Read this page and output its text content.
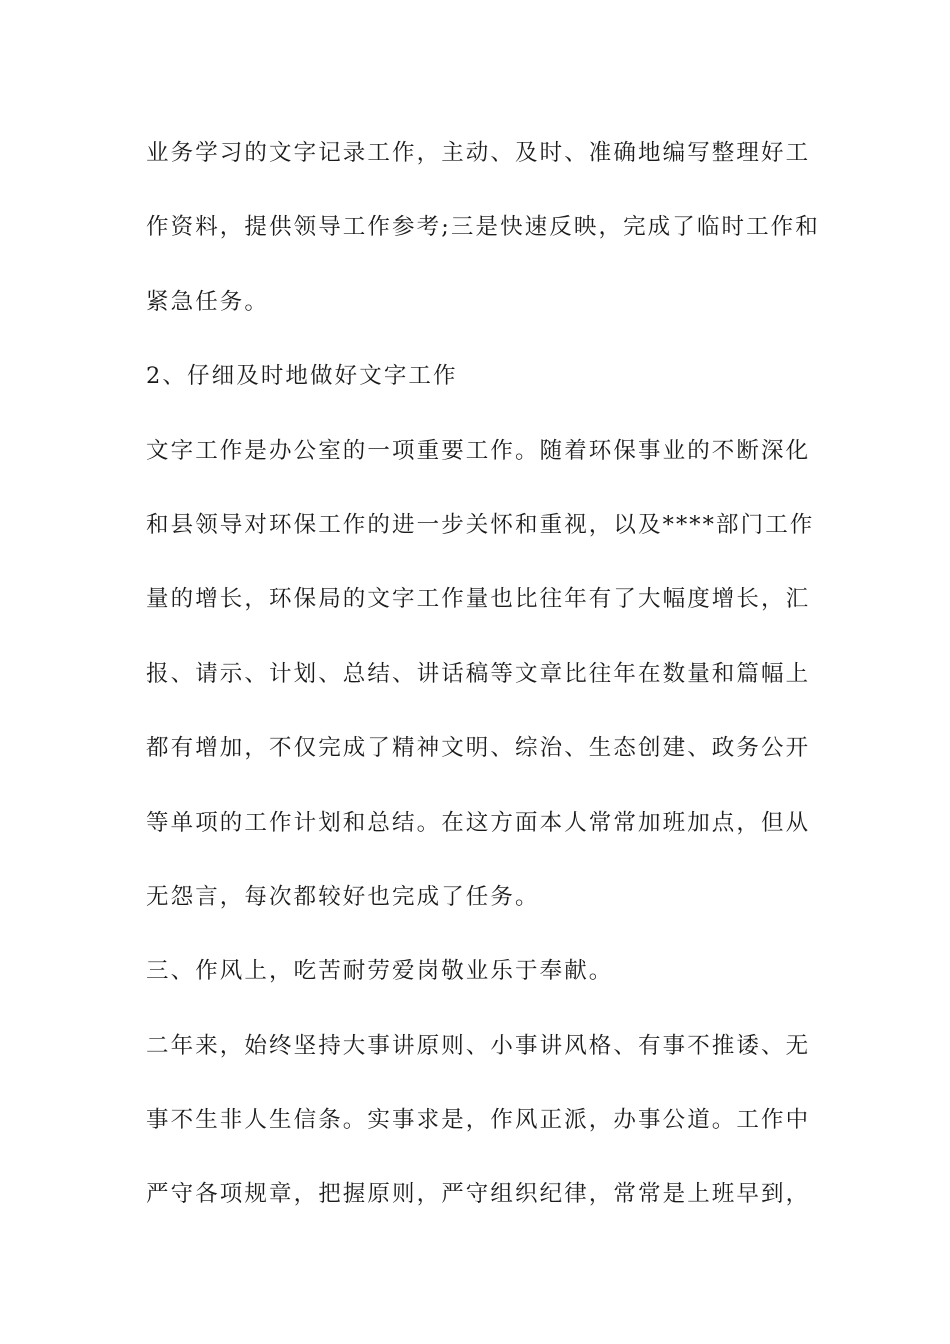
业务学习的文字记录工作，主动、及时、准确地编写整理好工
作资料，提供领导工作参考;三是快速反映，完成了临时工作和
紧急任务。
2、仔细及时地做好文字工作
文字工作是办公室的一项重要工作。随着环保事业的不断深化
和县领导对环保工作的进一步关怀和重视，以及****部门工作
量的增长，环保局的文字工作量也比往年有了大幅度增长，汇
报、请示、计划、总结、讲话稿等文章比往年在数量和篇幅上
都有增加，不仅完成了精神文明、综治、生态创建、政务公开
等单项的工作计划和总结。在这方面本人常常加班加点，但从
无怨言，每次都较好也完成了任务。
三、作风上，吃苦耐劳爱岗敬业乐于奉献。
二年来，始终坚持大事讲原则、小事讲风格、有事不推诿、无
事不生非人生信条。实事求是，作风正派，办事公道。工作中
严守各项规章，把握原则，严守组织纪律，常常是上班早到，
